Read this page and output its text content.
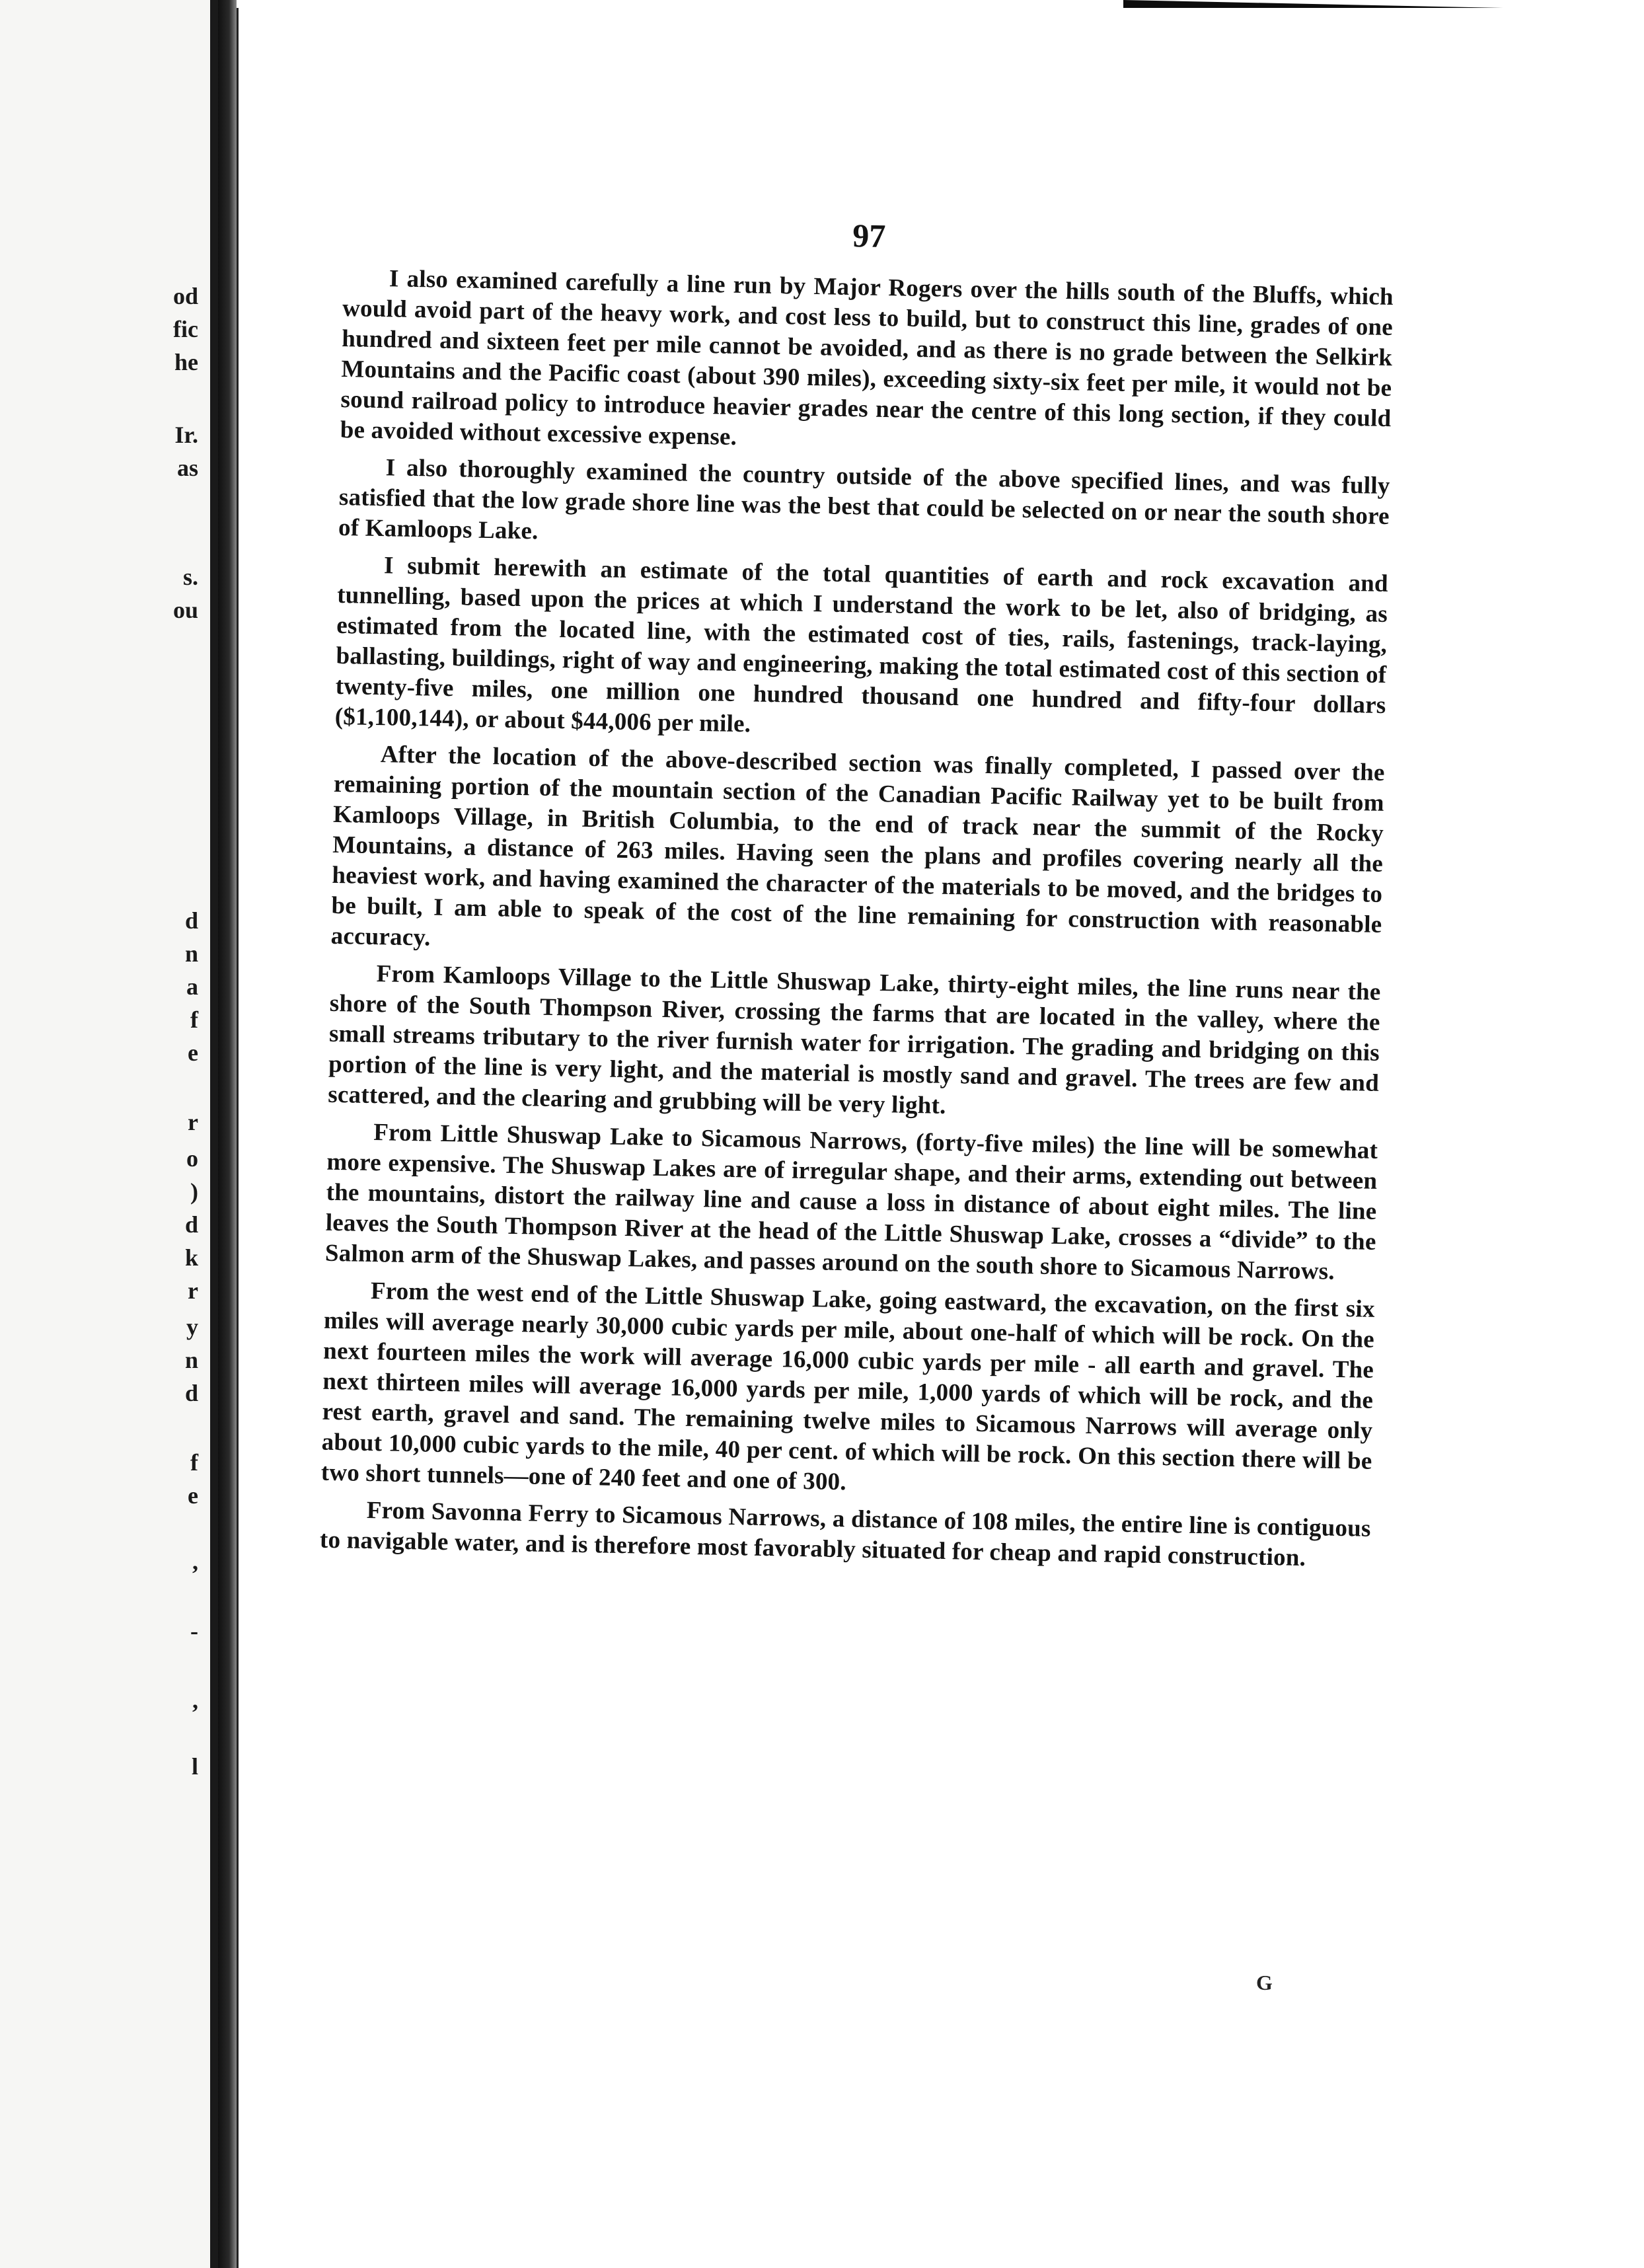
od
fic
he
Ir.
as
s.
ou
d
n
a
f
e
r
o
)
d
k
r
y
n
d
f
e
,
-
,
l
97

I also examined carefully a line run by Major Rogers over the hills south of the Bluffs, which would avoid part of the heavy work, and cost less to build, but to construct this line, grades of one hundred and sixteen feet per mile cannot be avoided, and as there is no grade between the Selkirk Mountains and the Pacific coast (about 390 miles), exceeding sixty-six feet per mile, it would not be sound railroad policy to introduce heavier grades near the centre of this long section, if they could be avoided without excessive expense.

I also thoroughly examined the country outside of the above specified lines, and was fully satisfied that the low grade shore line was the best that could be selected on or near the south shore of Kamloops Lake.

I submit herewith an estimate of the total quantities of earth and rock excavation and tunnelling, based upon the prices at which I understand the work to be let, also of bridging, as estimated from the located line, with the estimated cost of ties, rails, fastenings, track-laying, ballasting, buildings, right of way and engineering, making the total estimated cost of this section of twenty-five miles, one million one hundred thousand one hundred and fifty-four dollars ($1,100,144), or about $44,006 per mile.

After the location of the above-described section was finally completed, I passed over the remaining portion of the mountain section of the Canadian Pacific Railway yet to be built from Kamloops Village, in British Columbia, to the end of track near the summit of the Rocky Mountains, a distance of 263 miles. Having seen the plans and profiles covering nearly all the heaviest work, and having examined the character of the materials to be moved, and the bridges to be built, I am able to speak of the cost of the line remaining for construction with reasonable accuracy.

From Kamloops Village to the Little Shuswap Lake, thirty-eight miles, the line runs near the shore of the South Thompson River, crossing the farms that are located in the valley, where the small streams tributary to the river furnish water for irrigation. The grading and bridging on this portion of the line is very light, and the material is mostly sand and gravel. The trees are few and scattered, and the clearing and grubbing will be very light.

From Little Shuswap Lake to Sicamous Narrows, (forty-five miles) the line will be somewhat more expensive. The Shuswap Lakes are of irregular shape, and their arms, extending out between the mountains, distort the railway line and cause a loss in distance of about eight miles. The line leaves the South Thompson River at the head of the Little Shuswap Lake, crosses a “divide” to the Salmon arm of the Shuswap Lakes, and passes around on the south shore to Sicamous Narrows.

From the west end of the Little Shuswap Lake, going eastward, the excavation, on the first six miles will average nearly 30,000 cubic yards per mile, about one-half of which will be rock. On the next fourteen miles the work will average 16,000 cubic yards per mile - all earth and gravel. The next thirteen miles will average 16,000 yards per mile, 1,000 yards of which will be rock, and the rest earth, gravel and sand. The remaining twelve miles to Sicamous Narrows will average only about 10,000 cubic yards to the mile, 40 per cent. of which will be rock. On this section there will be two short tunnels—one of 240 feet and one of 300.

From Savonna Ferry to Sicamous Narrows, a distance of 108 miles, the entire line is contiguous to navigable water, and is therefore most favorably situated for cheap and rapid construction.

G
